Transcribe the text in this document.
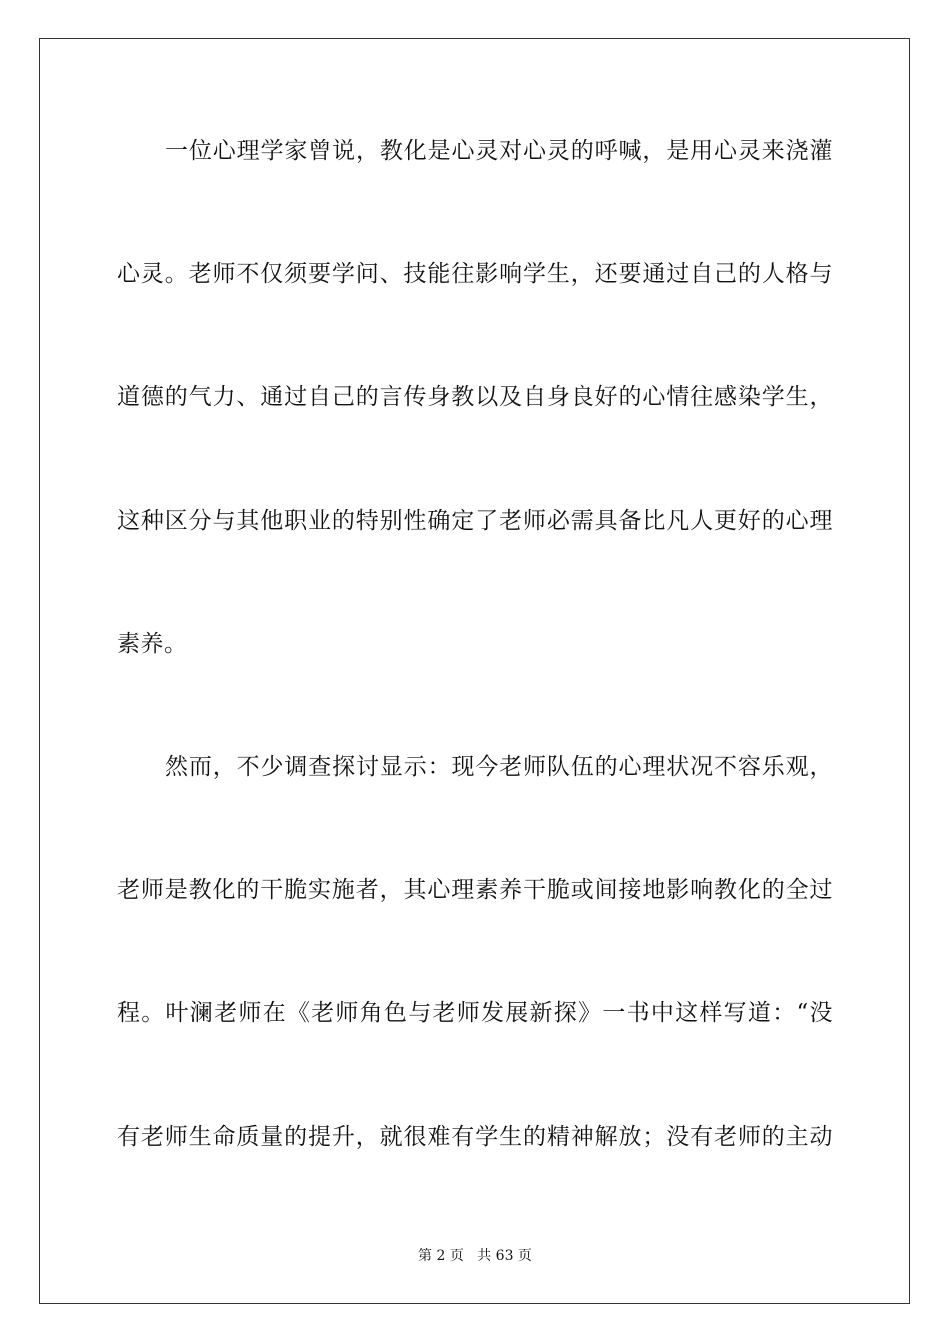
一位心理学家曾说，教化是心灵对心灵的呼喊，是用心灵来浇灌
心灵。老师不仅须要学问、技能往影响学生，还要通过自己的人格与
道德的气力、通过自己的言传身教以及自身良好的心情往感染学生，
这种区分与其他职业的特别性确定了老师必需具备比凡人更好的心理
素养。
然而，不少调查探讨显示：现今老师队伍的心理状况不容乐观，
老师是教化的干脆实施者，其心理素养干脆或间接地影响教化的全过
程。叶澜老师在《老师角色与老师发展新探》一书中这样写道：“没
有老师生命质量的提升，就很难有学生的精神解放；没有老师的主动
第 2 页 共 63 页
